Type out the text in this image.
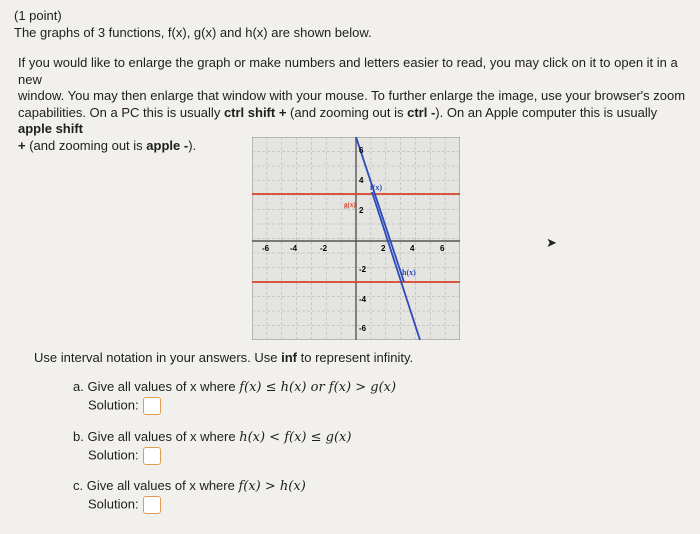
(1 point)
The graphs of 3 functions, f(x), g(x) and h(x) are shown below.
If you would like to enlarge the graph or make numbers and letters easier to read, you may click on it to open it in a new
window. You may then enlarge that window with your mouse. To further enlarge the image, use your browser's zoom
capabilities. On a PC this is usually ctrl shift + (and zooming out is ctrl -). On an Apple computer this is usually apple shift
+ (and zooming out is apple -).
-6	-4	-2	2	4	6
6
4
2
-2
-4
-6
f(x)
g(x)
h(x)
➤
Use interval notation in your answers. Use inf to represent infinity.
a. Give all values of x where f(x) ≤ h(x) or f(x) > g(x)
Solution:
b. Give all values of x where h(x) < f(x) ≤ g(x)
Solution:
c. Give all values of x where f(x) > h(x)
Solution:
